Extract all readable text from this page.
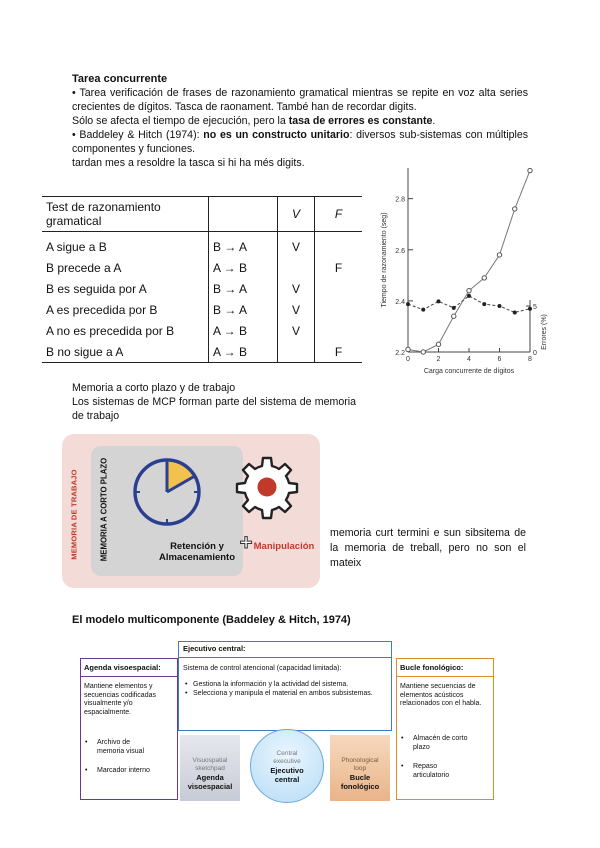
Tarea concurrente
• Tarea verificación de frases de razonamiento gramatical mientras se repite en voz alta series crecientes de dígitos. Tasca de raonament. També han de recordar digits.
Sólo se afecta el tiempo de ejecución, pero la tasa de errores es constante.
• Baddeley & Hitch (1974): no es un constructo unitario: diversos sub-sistemas con múltiples componentes y funciones.
tardan mes a resoldre la tasca si hi ha més digits.
Test de razonamiento gramatical		V	F
A sigue a B	B → A	V	
B precede a A	A → B		F
B es seguida por A	B → A	V	
A es precedida por B	B → A	V	
A no es precedida por B	A → B	V	
B no sigue a A	A → B		F	2.2
2.4
2.6
2.8
0	2	4	6	8
0
5
Carga concurrente de dígitos
Tiempo de razonamiento (seg)
Errores (%)
Memoria a corto plazo y de trabajo
Los sistemas de MCP forman parte del sistema de memoria de trabajo
MEMORIA DE TRABAJO	MEMORIA A CORTO PLAZO	Retención y
Almacenamiento
+ Manipulación
memoria curt termini e sun sibsitema de la memoria de treball, pero no son el mateix
El modelo multicomponente (Baddeley & Hitch, 1974)
Ejecutivo central:
Sistema de control atencional (capacidad limitada):
• Gestiona la información y la actividad del sistema.
• Selecciona y manipula el material en ambos subsistemas.
Agenda visoespacial:
Mantiene elementos y secuencias codificadas visualmente y/o espacialmente.
•	Archivo de memoria visual
•	Marcador interno
Bucle fonológico:
Mantiene secuencias de elementos acústicos relacionados con el habla.
•	Almacén de corto plazo
•	Repaso articulatorio
Visuospatial sketchpad
Agenda visoespacial
Phonological loop
Bucle fonológico
Central executive
Ejecutivo central
